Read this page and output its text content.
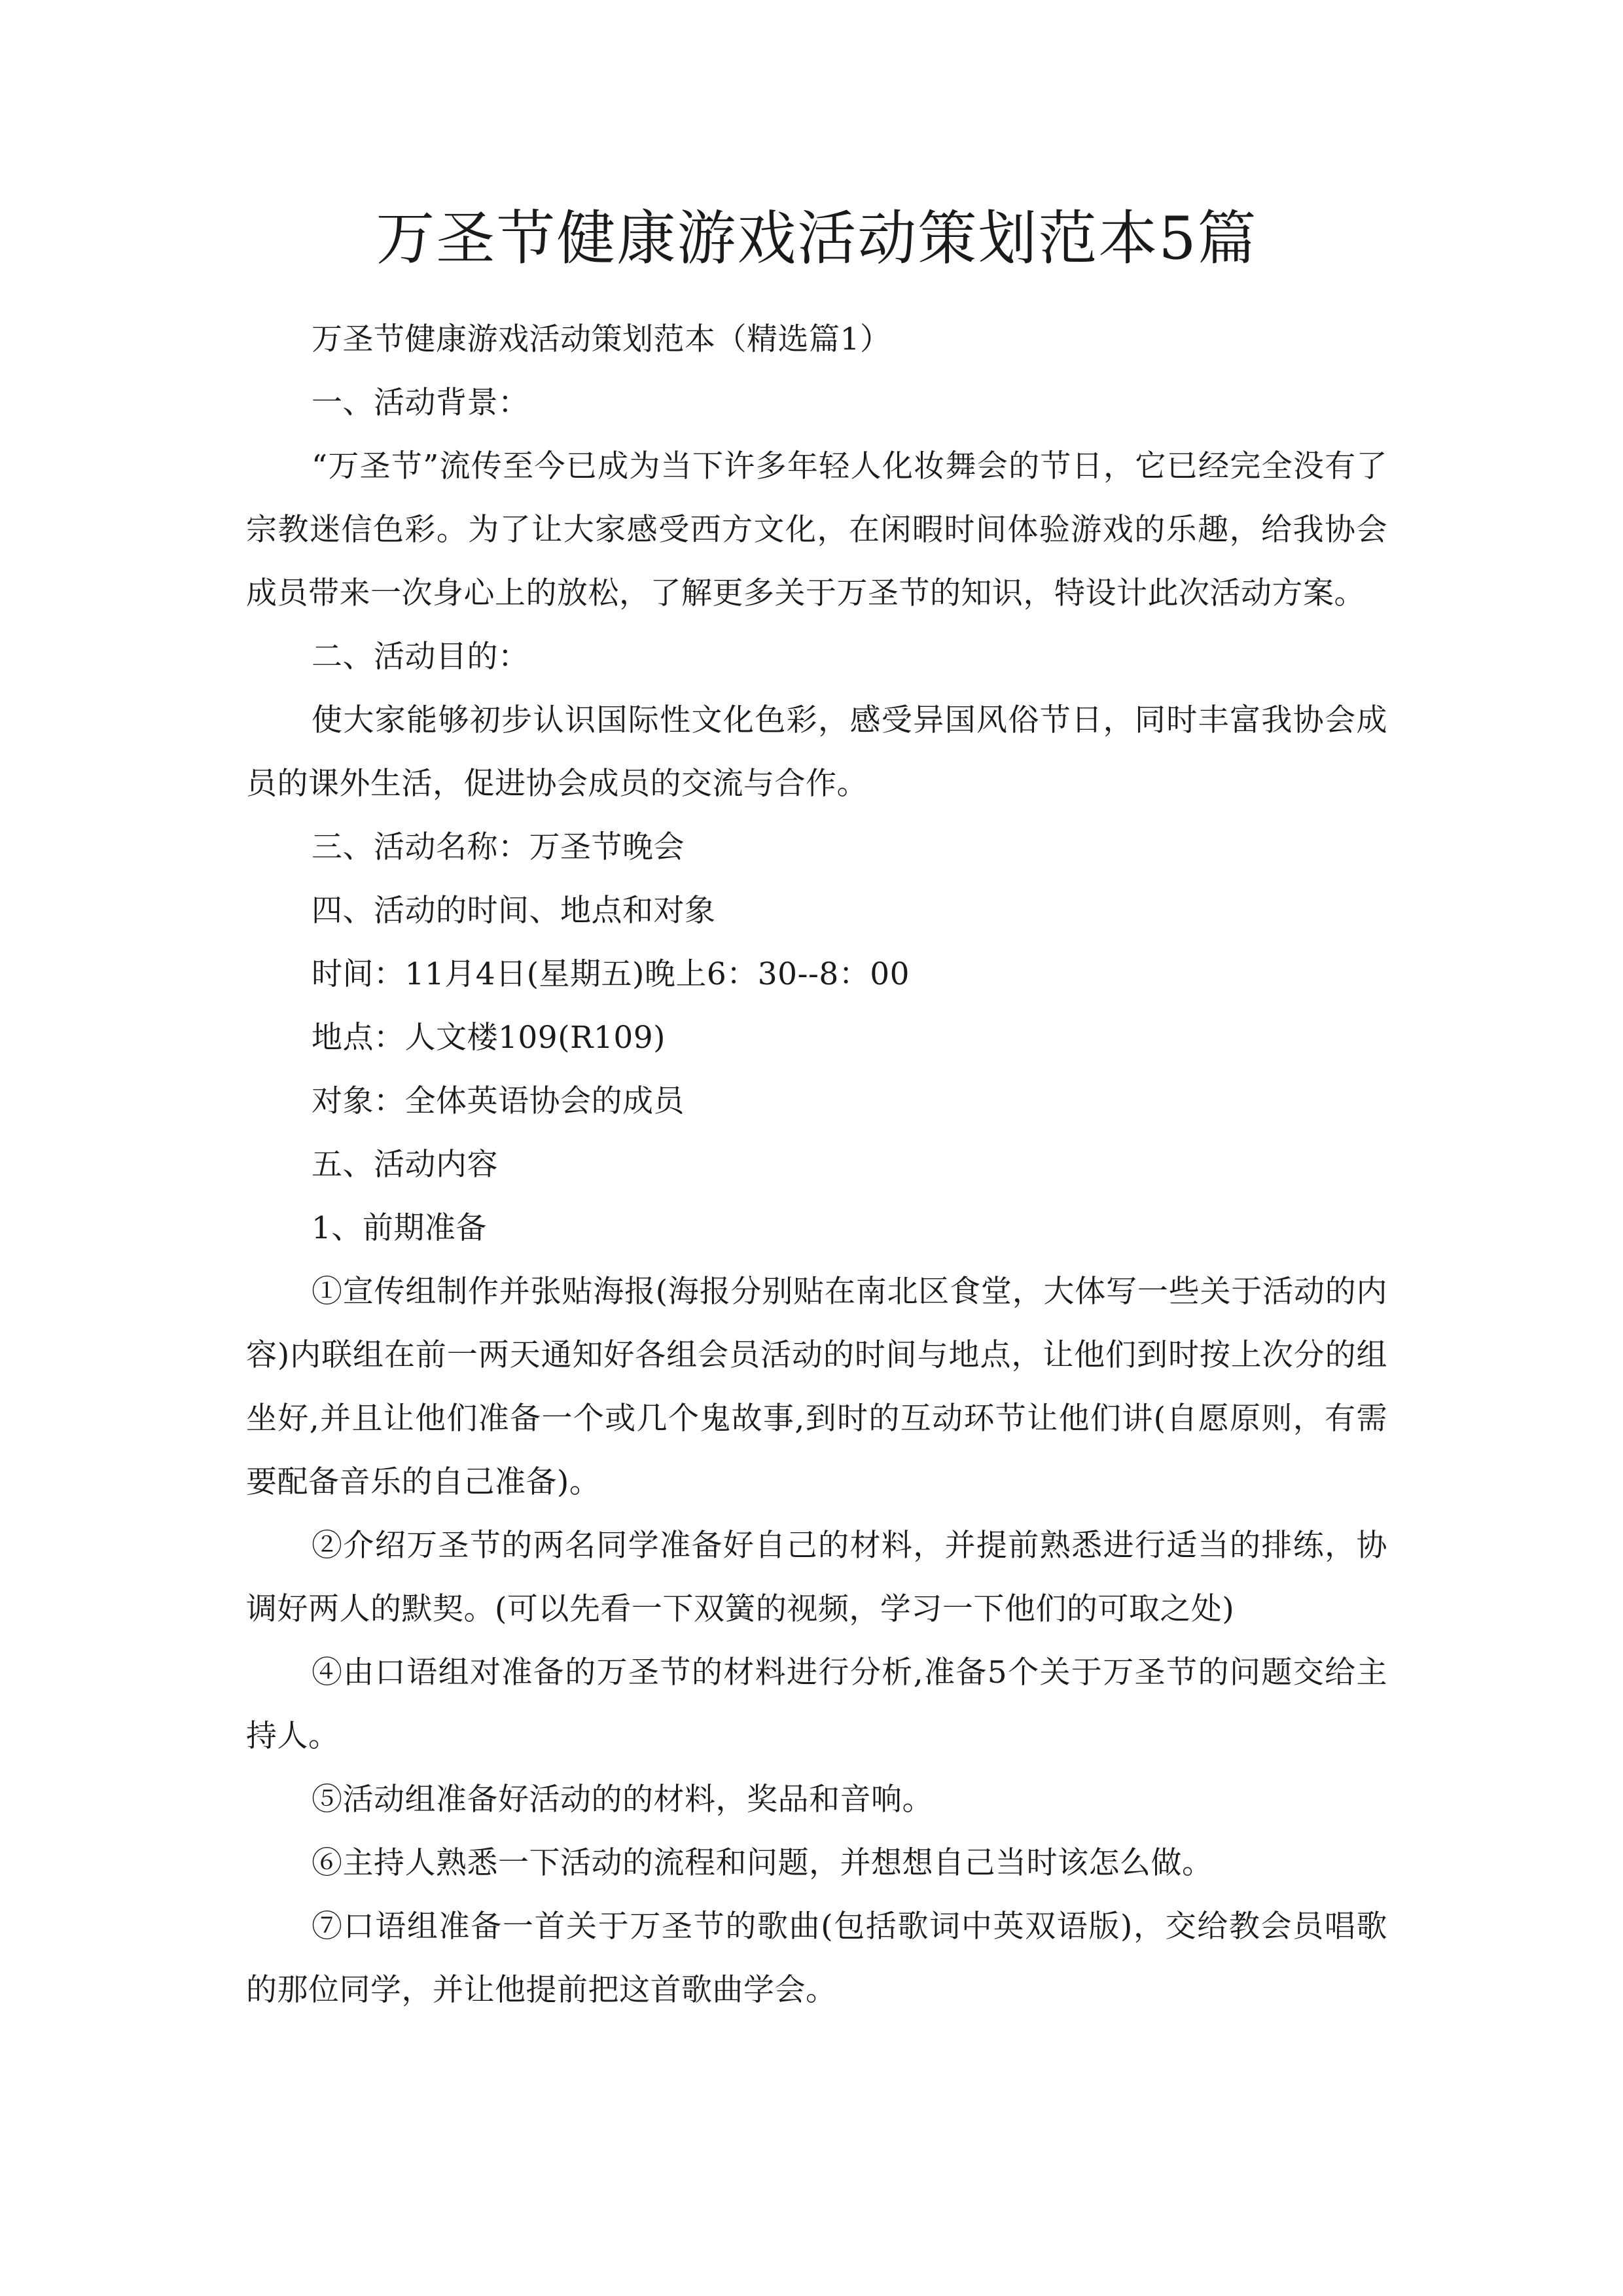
万圣节健康游戏活动策划范本5篇

万圣节健康游戏活动策划范本（精选篇1）

一、活动背景：

“万圣节”流传至今已成为当下许多年轻人化妆舞会的节日，它已经完全没有了宗教迷信色彩。为了让大家感受西方文化，在闲暇时间体验游戏的乐趣，给我协会成员带来一次身心上的放松，了解更多关于万圣节的知识，特设计此次活动方案。

二、活动目的：

使大家能够初步认识国际性文化色彩，感受异国风俗节日，同时丰富我协会成员的课外生活，促进协会成员的交流与合作。

三、活动名称：万圣节晚会

四、活动的时间、地点和对象

时间：11月4日(星期五)晚上6：30--8：00

地点：人文楼109(R109)

对象：全体英语协会的成员

五、活动内容

1、前期准备

①宣传组制作并张贴海报(海报分别贴在南北区食堂，大体写一些关于活动的内容)内联组在前一两天通知好各组会员活动的时间与地点，让他们到时按上次分的组坐好,并且让他们准备一个或几个鬼故事,到时的互动环节让他们讲(自愿原则，有需要配备音乐的自己准备)。

②介绍万圣节的两名同学准备好自己的材料，并提前熟悉进行适当的排练，协调好两人的默契。(可以先看一下双簧的视频，学习一下他们的可取之处)

④由口语组对准备的万圣节的材料进行分析,准备5个关于万圣节的问题交给主持人。

⑤活动组准备好活动的的材料，奖品和音响。

⑥主持人熟悉一下活动的流程和问题，并想想自己当时该怎么做。

⑦口语组准备一首关于万圣节的歌曲(包括歌词中英双语版)，交给教会员唱歌的那位同学，并让他提前把这首歌曲学会。
